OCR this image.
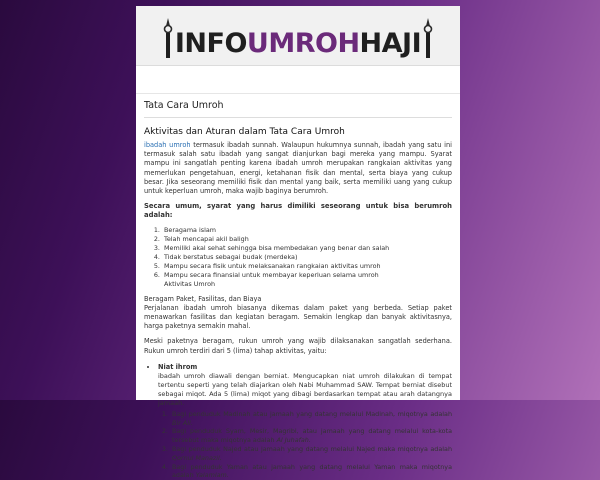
INFOUMROHHAJI
Tata Cara Umroh
Aktivitas dan Aturan dalam Tata Cara Umroh

ibadah umroh termasuk ibadah sunnah. Walaupun hukumnya sunnah, ibadah yang satu ini termasuk salah satu ibadah yang sangat dianjurkan bagi mereka yang mampu. Syarat mampu ini sangatlah penting karena ibadah umroh merupakan rangkaian aktivitas yang memerlukan pengetahuan, energi, ketahanan fisik dan mental, serta biaya yang cukup besar. Jika seseorang memiliki fisik dan mental yang baik, serta memiliki uang yang cukup untuk keperluan umroh, maka wajib baginya berumroh.

Secara umum, syarat yang harus dimiliki seseorang untuk bisa berumroh adalah:

1. Beragama islam
2. Telah mencapai akil baligh
3. Memiliki akal sehat sehingga bisa membedakan yang benar dan salah
4. Tidak berstatus sebagai budak (merdeka)
5. Mampu secara fisik untuk melaksanakan rangkaian aktivitas umroh
6. Mampu secara finansial untuk membayar keperluan selama umroh
Aktivitas Umroh

Beragam Paket, Fasilitas, dan Biaya
Perjalanan ibadah umroh biasanya dikemas dalam paket yang berbeda. Setiap paket menawarkan fasilitas dan kegiatan beragam. Semakin lengkap dan banyak aktivitasnya, harga paketnya semakin mahal.

Meski paketnya beragam, rukun umroh yang wajib dilaksanakan sangatlah sederhana. Rukun umroh terdiri dari 5 (lima) tahap aktivitas, yaitu:

• Niat ihrom
ibadah umroh diawali dengan berniat. Mengucapkan niat umroh dilakukan di tempat tertentu seperti yang telah diajarkan oleh Nabi Muhammad SAW. Tempat berniat disebut sebagai miqot. Ada 5 (lima) miqot yang dibagi berdasarkan tempat atau arah datangnya jamaah.
1. Bagi penduduk Madinah atau jamaah yang datang melalui Madinah, miqotnya adalah Bir Ali.
2. Bagi penduduk Syam, Mesir, Magribi, atau jamaah yang datang melalui kota-kota tersebut maka miqotnya adalah Al Juhafah.
3. Bagi penduduk Najed atau jamaah yang datang melalui Najed maka miqotnya adalah Qornul Manazil.
4. Bagi penduduk Yaman atau jamaah yang datang melalui Yaman maka miqotnya adalah Yalamlam.
